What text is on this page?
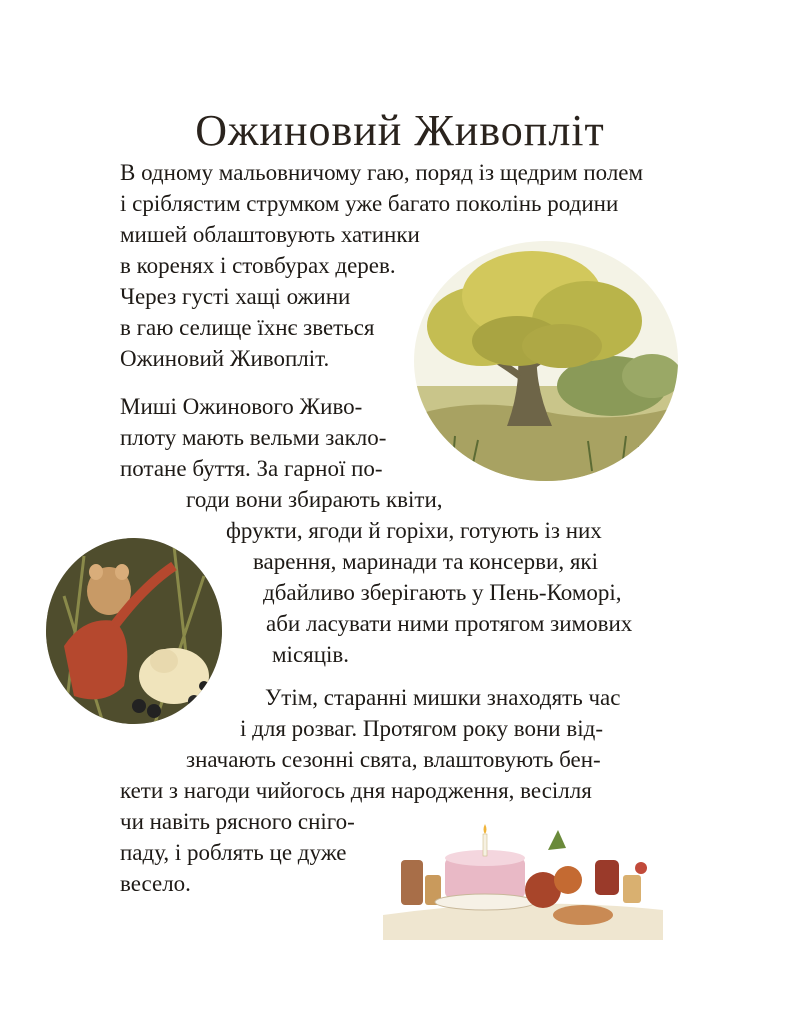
Ожиновий Живопліт
В одному мальовничому гаю, поряд із щедрим полем
і сріблястим струмком уже багато поколінь родини
мишей облаштовують хатинки
в коренях і стовбурах дерев.
Через густі хащі ожини
в гаю селище їхнє зветься
Ожиновий Живопліт.
Миші Ожинового Живо-
плоту мають вельми закло-
потане буття. За гарної по-
годи вони збирають квіти,
фрукти, ягоди й горіхи, готують із них
варення, маринади та консерви, які
дбайливо зберігають у Пень-Коморі,
аби ласувати ними протягом зимових
місяців.
Утім, старанні мишки знаходять час
і для розваг. Протягом року вони від-
значають сезонні свята, влаштовують бен-
кети з нагоди чийогось дня народження, весілля
чи навіть рясного сніго-
паду, і роблять це дуже
весело.
